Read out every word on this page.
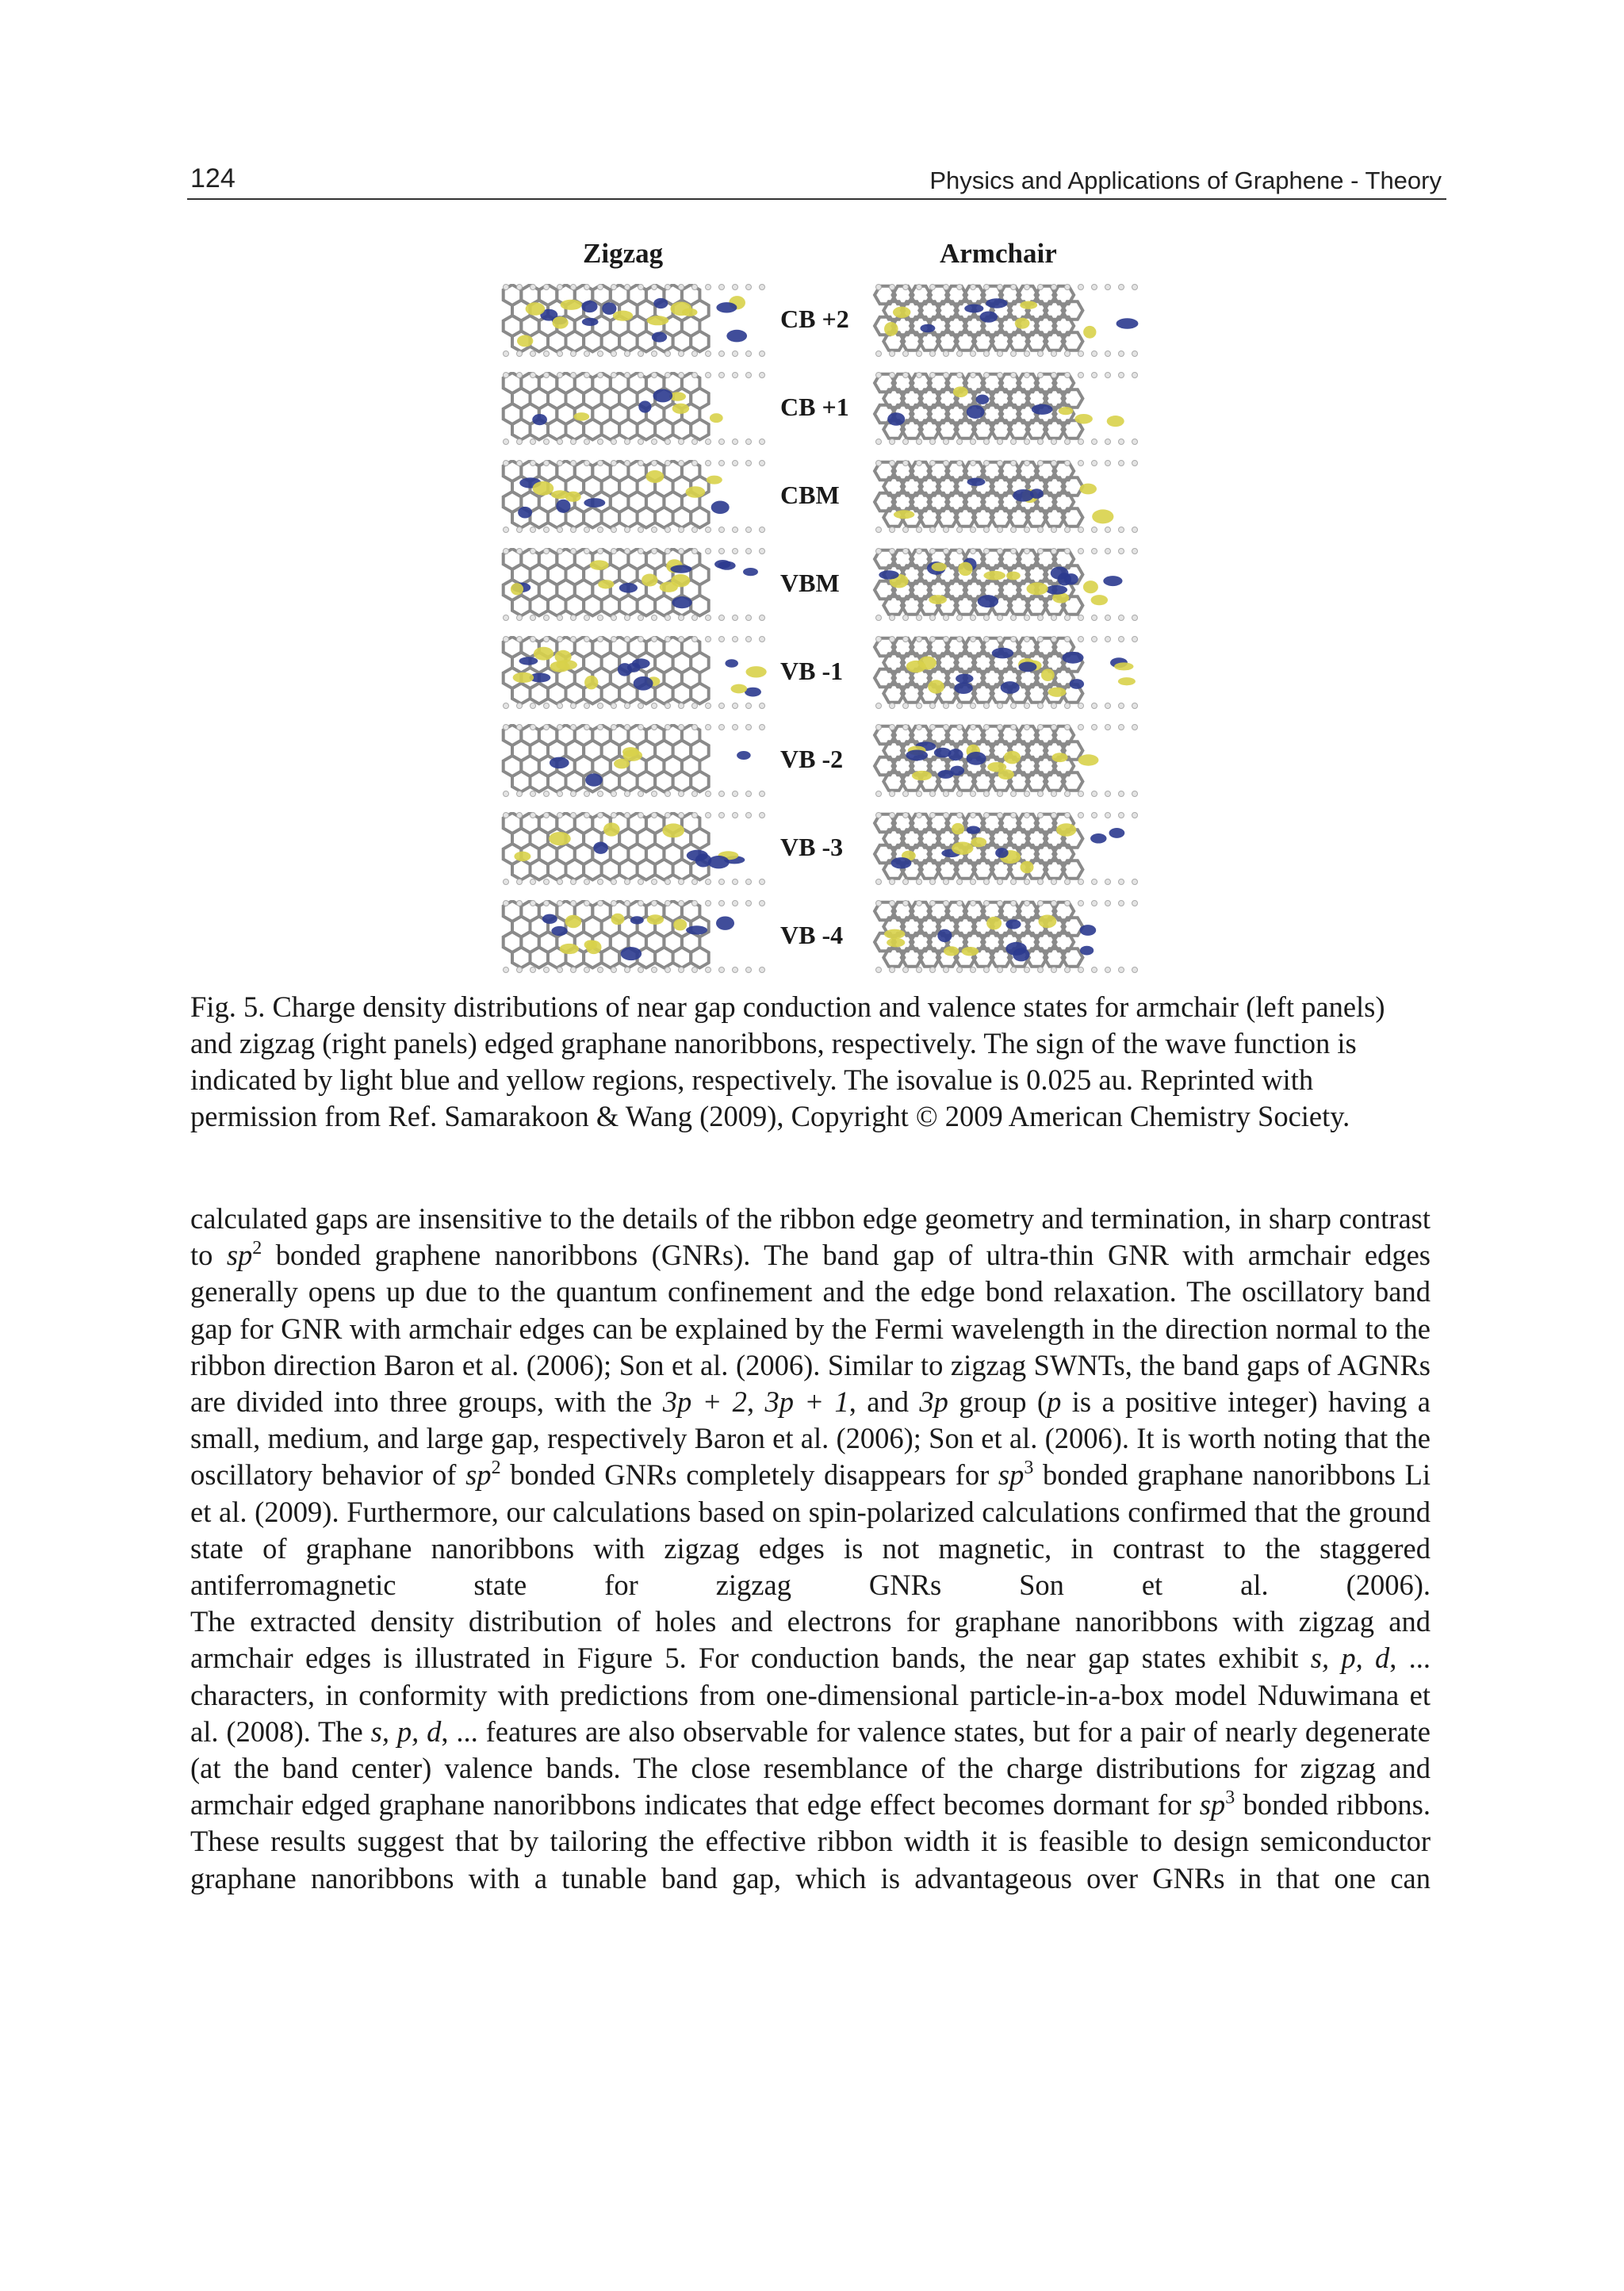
124	Physics and Applications of Graphene - Theory
Zigzag	Armchair
CB +2
CB +1
CBM
VBM
VB -1
VB -2
VB -3
VB -4
Fig. 5. Charge density distributions of near gap conduction and valence states for armchair (left panels) and zigzag (right panels) edged graphane nanoribbons, respectively. The sign of the wave function is indicated by light blue and yellow regions, respectively. The isovalue is 0.025 au. Reprinted with permission from Ref. Samarakoon & Wang (2009), Copyright © 2009 American Chemistry Society.

calculated gaps are insensitive to the details of the ribbon edge geometry and termination, in sharp contrast to $sp^2$ bonded graphene nanoribbons (GNRs). The band gap of ultra-thin GNR with armchair edges generally opens up due to the quantum confinement and the edge bond relaxation. The oscillatory band gap for GNR with armchair edges can be explained by the Fermi wavelength in the direction normal to the ribbon direction Baron et al. (2006); Son et al. (2006). Similar to zigzag SWNTs, the band gaps of AGNRs are divided into three groups, with the 3p + 2, 3p + 1, and 3p group (p is a positive integer) having a small, medium, and large gap, respectively Baron et al. (2006); Son et al. (2006). It is worth noting that the oscillatory behavior of $sp^2$ bonded GNRs completely disappears for $sp^3$ bonded graphane nanoribbons Li et al. (2009). Furthermore, our calculations based on spin-polarized calculations confirmed that the ground state of graphane nanoribbons with zigzag edges is not magnetic, in contrast to the staggered antiferromagnetic state for zigzag GNRs Son et al. (2006).

The extracted density distribution of holes and electrons for graphane nanoribbons with zigzag and armchair edges is illustrated in Figure 5. For conduction bands, the near gap states exhibit s, p, d, ... characters, in conformity with predictions from one-dimensional particle-in-a-box model Nduwimana et al. (2008). The s, p, d, ... features are also observable for valence states, but for a pair of nearly degenerate (at the band center) valence bands. The close resemblance of the charge distributions for zigzag and armchair edged graphane nanoribbons indicates that edge effect becomes dormant for $sp^3$ bonded ribbons. These results suggest that by tailoring the effective ribbon width it is feasible to design semiconductor graphane nanoribbons with a tunable band gap, which is advantageous over GNRs in that one can
